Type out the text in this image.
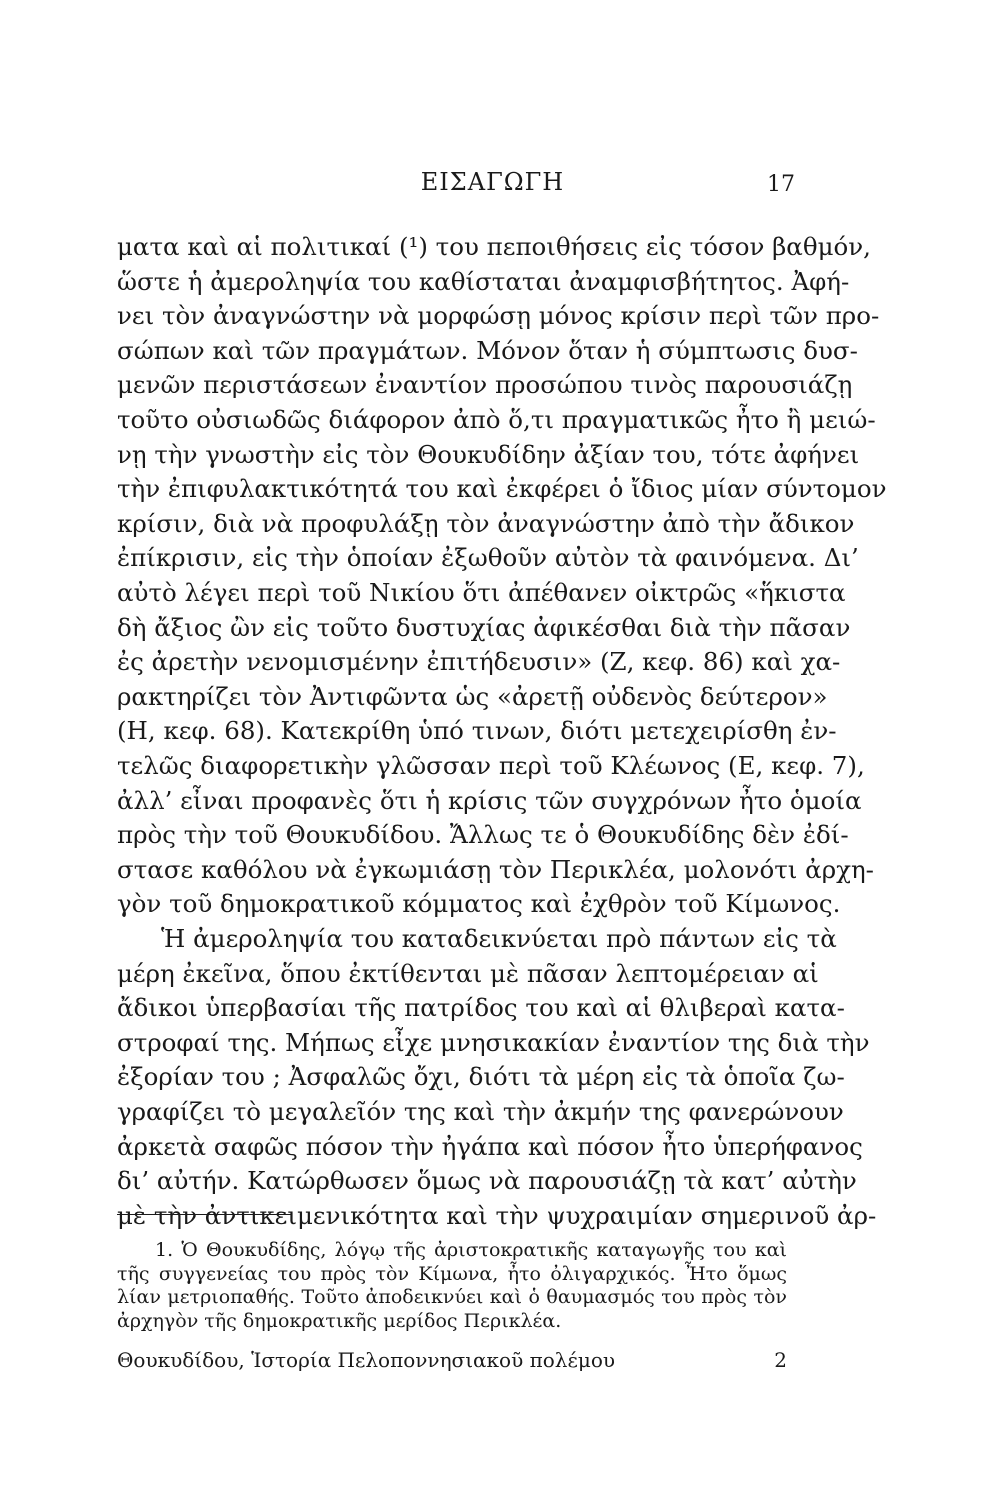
ΕΙΣΑΓΩΓΗ	17
ματα καὶ αἱ πολιτικαί (¹) του πεποιθήσεις εἰς τόσον βαθμόν,
ὥστε ἡ ἀμεροληψία του καθίσταται ἀναμφισβήτητος. Ἀφή-
νει τὸν ἀναγνώστην νὰ μορφώσῃ μόνος κρίσιν περὶ τῶν προ-
σώπων καὶ τῶν πραγμάτων. Μόνον ὅταν ἡ σύμπτωσις δυσ-
μενῶν περιστάσεων ἐναντίον προσώπου τινὸς παρουσιάζῃ
τοῦτο οὐσιωδῶς διάφορον ἀπὸ ὅ,τι πραγματικῶς ἦτο ἢ μειώ-
νῃ τὴν γνωστὴν εἰς τὸν Θουκυδίδην ἀξίαν του, τότε ἀφήνει
τὴν ἐπιφυλακτικότητά του καὶ ἐκφέρει ὁ ἴδιος μίαν σύντομον
κρίσιν, διὰ νὰ προφυλάξῃ τὸν ἀναγνώστην ἀπὸ τὴν ἄδικον
ἐπίκρισιν, εἰς τὴν ὁποίαν ἐξωθοῦν αὐτὸν τὰ φαινόμενα. Δι’
αὐτὸ λέγει περὶ τοῦ Νικίου ὅτι ἀπέθανεν οἰκτρῶς «ἥκιστα
δὴ ἄξιος ὢν εἰς τοῦτο δυστυχίας ἀφικέσθαι διὰ τὴν πᾶσαν
ἐς ἀρετὴν νενομισμένην ἐπιτήδευσιν» (Ζ, κεφ. 86) καὶ χα-
ρακτηρίζει τὸν Ἀντιφῶντα ὡς «ἀρετῇ οὐδενὸς δεύτερον»
(Η, κεφ. 68). Κατεκρίθη ὑπό τινων, διότι μετεχειρίσθη ἐν-
τελῶς διαφορετικὴν γλῶσσαν περὶ τοῦ Κλέωνος (Ε, κεφ. 7),
ἀλλ’ εἶναι προφανὲς ὅτι ἡ κρίσις τῶν συγχρόνων ἦτο ὁμοία
πρὸς τὴν τοῦ Θουκυδίδου. Ἄλλως τε ὁ Θουκυδίδης δὲν ἐδί-
στασε καθόλου νὰ ἐγκωμιάσῃ τὸν Περικλέα, μολονότι ἀρχη-
γὸν τοῦ δημοκρατικοῦ κόμματος καὶ ἐχθρὸν τοῦ Κίμωνος.
Ἡ ἀμεροληψία του καταδεικνύεται πρὸ πάντων εἰς τὰ
μέρη ἐκεῖνα, ὅπου ἐκτίθενται μὲ πᾶσαν λεπτομέρειαν αἱ
ἄδικοι ὑπερβασίαι τῆς πατρίδος του καὶ αἱ θλιβεραὶ κατα-
στροφαί της. Μήπως εἶχε μνησικακίαν ἐναντίον της διὰ τὴν
ἐξορίαν του ; Ἀσφαλῶς ὄχι, διότι τὰ μέρη εἰς τὰ ὁποῖα ζω-
γραφίζει τὸ μεγαλεῖόν της καὶ τὴν ἀκμήν της φανερώνουν
ἀρκετὰ σαφῶς πόσον τὴν ἠγάπα καὶ πόσον ἦτο ὑπερήφανος
δι’ αὐτήν. Κατώρθωσεν ὅμως νὰ παρουσιάζῃ τὰ κατ’ αὐτὴν
μὲ τὴν ἀντικειμενικότητα καὶ τὴν ψυχραιμίαν σημερινοῦ ἀρ-
1. Ὁ Θουκυδίδης, λόγῳ τῆς ἀριστοκρατικῆς καταγωγῆς του καὶ
τῆς συγγενείας του πρὸς τὸν Κίμωνα, ἦτο ὀλιγαρχικός. Ἦτο ὅμως
λίαν μετριοπαθής. Τοῦτο ἀποδεικνύει καὶ ὁ θαυμασμός του πρὸς τὸν
ἀρχηγὸν τῆς δημοκρατικῆς μερίδος Περικλέα.
Θουκυδίδου, Ἱστορία Πελοποννησιακοῦ πολέμου	2
